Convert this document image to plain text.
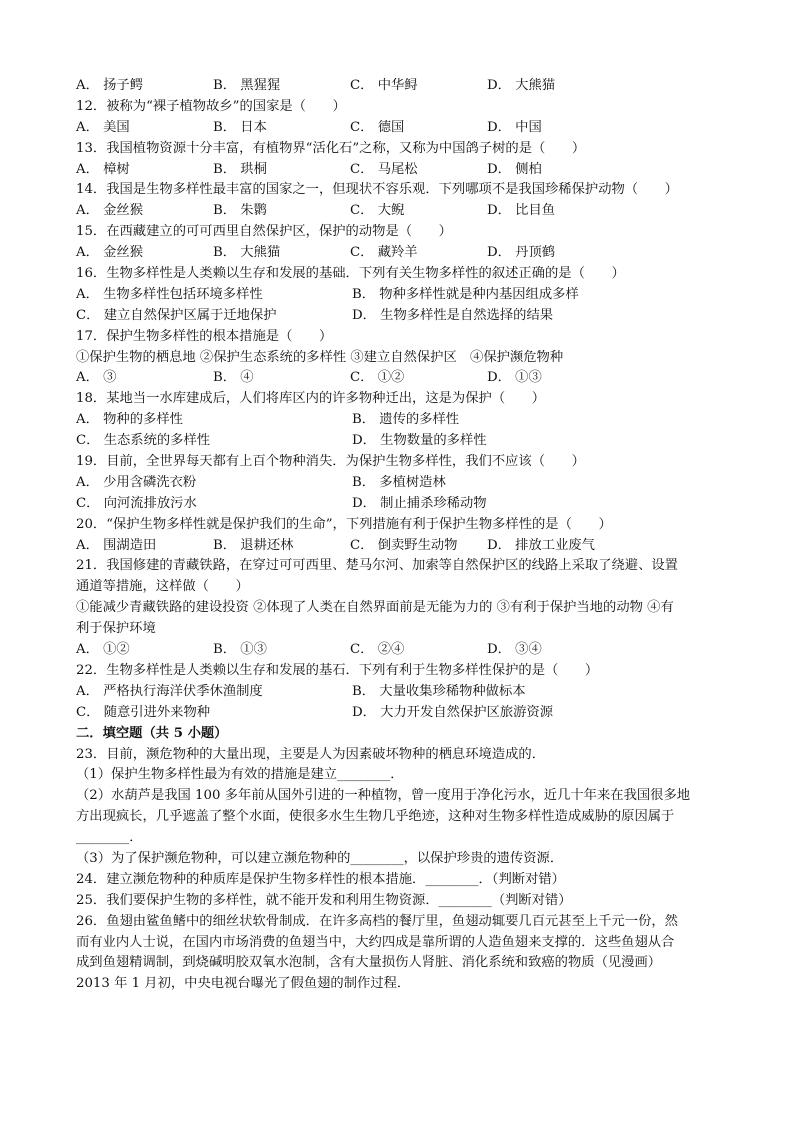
A． 扬子鳄	B． 黑猩猩	C． 中华鲟	D． 大熊猫
12．被称为“裸子植物故乡”的国家是（　　）
A． 美国	B． 日本	C． 德国	D． 中国
13．我国植物资源十分丰富，有植物界“活化石”之称，又称为中国鸽子树的是（　　）
A． 樟树	B． 珙桐	C． 马尾松	D． 侧柏
14．我国是生物多样性最丰富的国家之一，但现状不容乐观．下列哪项不是我国珍稀保护动物（　　）
A． 金丝猴	B． 朱鹮	C． 大鲵	D． 比目鱼
15．在西藏建立的可可西里自然保护区，保护的动物是（　　）
A． 金丝猴	B． 大熊猫	C． 藏羚羊	D． 丹顶鹤
16．生物多样性是人类赖以生存和发展的基础．下列有关生物多样性的叙述正确的是（　　）
A． 生物多样性包括环境多样性	B． 物种多样性就是种内基因组成多样
C． 建立自然保护区属于迁地保护	D． 生物多样性是自然选择的结果
17．保护生物多样性的根本措施是（　　）
①保护生物的栖息地 ②保护生态系统的多样性 ③建立自然保护区　④保护濒危物种
A． ③	B． ④	C． ①②	D． ①③
18．某地当一水库建成后，人们将库区内的许多物种迁出，这是为保护（　　）
A． 物种的多样性	B． 遗传的多样性
C． 生态系统的多样性	D． 生物数量的多样性
19．目前，全世界每天都有上百个物种消失．为保护生物多样性，我们不应该（　　）
A． 少用含磷洗衣粉	B． 多植树造林
C． 向河流排放污水	D． 制止捕杀珍稀动物
20．“保护生物多样性就是保护我们的生命”，下列措施有利于保护生物多样性的是（　　）
A． 围湖造田	B． 退耕还林	C． 倒卖野生动物	D． 排放工业废气
21．我国修建的青藏铁路，在穿过可可西里、楚马尔河、加索等自然保护区的线路上采取了绕避、设置
通道等措施，这样做（　　）
①能减少青藏铁路的建设投资 ②体现了人类在自然界面前是无能为力的 ③有利于保护当地的动物 ④有
利于保护环境
A． ①②	B． ①③	C． ②④	D． ③④
22．生物多样性是人类赖以生存和发展的基石．下列有利于生物多样性保护的是（　　）
A． 严格执行海洋伏季休渔制度	B． 大量收集珍稀物种做标本
C． 随意引进外来物种	D． 大力开发自然保护区旅游资源
二．填空题（共 5 小题）
23．目前，濒危物种的大量出现，主要是人为因素破坏物种的栖息环境造成的．
（1）保护生物多样性最为有效的措施是建立________．
（2）水葫芦是我国 100 多年前从国外引进的一种植物，曾一度用于净化污水，近几十年来在我国很多地
方出现疯长，几乎遮盖了整个水面，使很多水生生物几乎绝迹，这种对生物多样性造成威胁的原因属于
________．
（3）为了保护濒危物种，可以建立濒危物种的________，以保护珍贵的遗传资源．
24．建立濒危物种的种质库是保护生物多样性的根本措施．________．（判断对错）
25．我们要保护生物的多样性，就不能开发和利用生物资源．________（判断对错）
26．鱼翅由鲨鱼鳍中的细丝状软骨制成．在许多高档的餐厅里，鱼翅动辄要几百元甚至上千元一份，然
而有业内人士说，在国内市场消费的鱼翅当中，大约四成是靠所谓的人造鱼翅来支撑的．这些鱼翅从合
成到鱼翅精调制，到烧碱明胶双氧水泡制，含有大量损伤人肾脏、消化系统和致癌的物质（见漫画）
2013 年 1 月初，中央电视台曝光了假鱼翅的制作过程．
